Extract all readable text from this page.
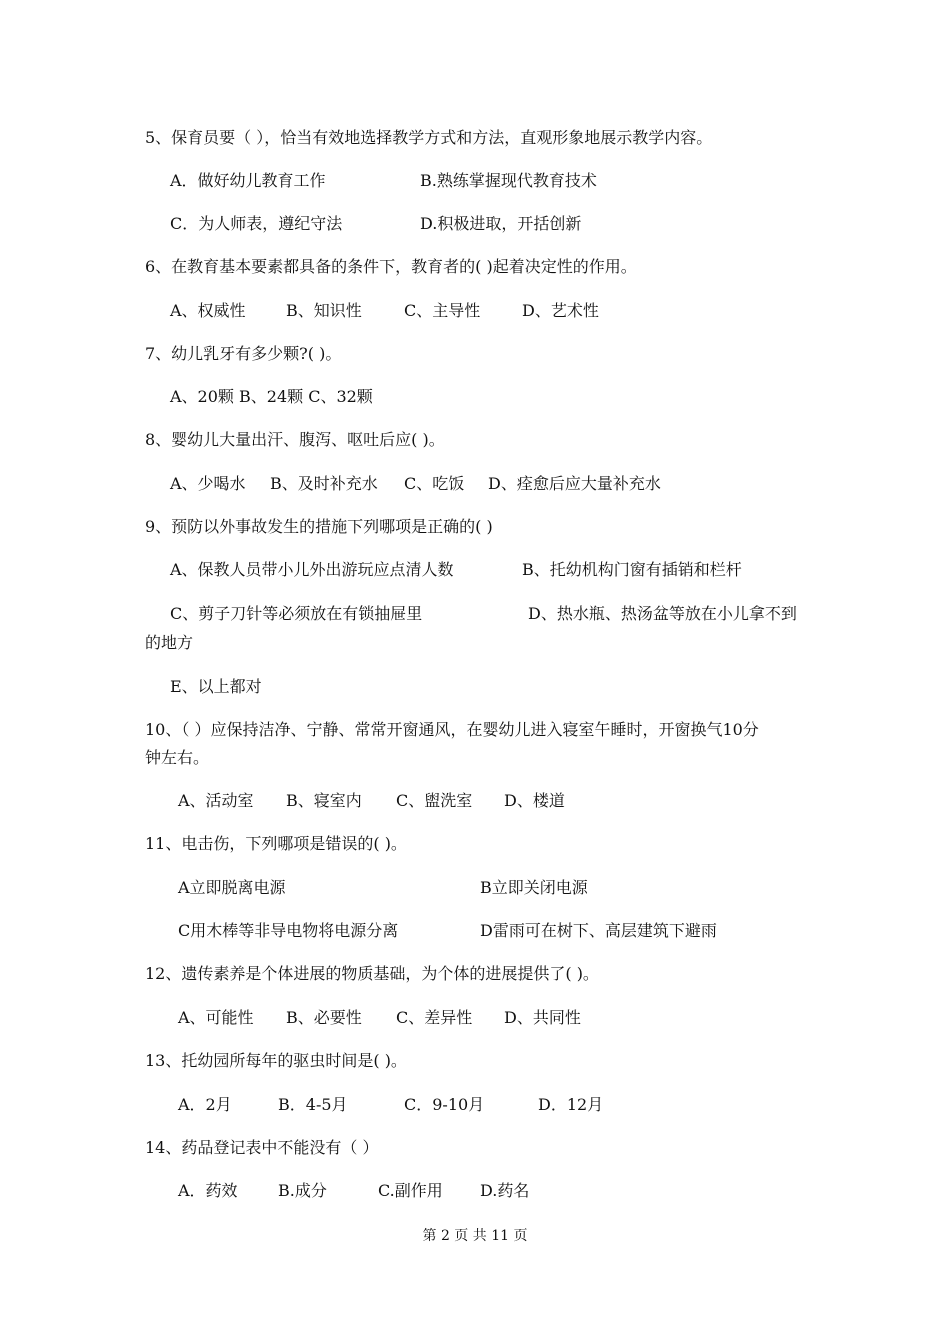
5、保育员要（ ），恰当有效地选择教学方式和方法，直观形象地展示教学内容。
A．做好幼儿教育工作	B.熟练掌握现代教育技术
C．为人师表，遵纪守法	D.积极进取，开括创新
6、在教育基本要素都具备的条件下，教育者的( )起着决定性的作用。
A、权威性	B、知识性	C、主导性	D、艺术性
7、幼儿乳牙有多少颗?( )。
A、20颗 B、24颗 C、32颗
8、婴幼儿大量出汗、腹泻、呕吐后应( )。
A、少喝水 B、及时补充水 C、吃饭 D、痊愈后应大量补充水
9、预防以外事故发生的措施下列哪项是正确的( )
A、保教人员带小儿外出游玩应点清人数	B、托幼机构门窗有插销和栏杆
C、剪子刀针等必须放在有锁抽屉里	D、热水瓶、热汤盆等放在小儿拿不到
的地方
E、以上都对
10、（ ）应保持洁净、宁静、常常开窗通风，在婴幼儿进入寝室午睡时，开窗换气10分
钟左右。
A、活动室 B、寝室内 C、盥洗室 D、楼道
11、电击伤，下列哪项是错误的( )。
A立即脱离电源	B立即关闭电源
C用木棒等非导电物将电源分离	D雷雨可在树下、高层建筑下避雨
12、遗传素养是个体进展的物质基础，为个体的进展提供了( )。
A、可能性 B、必要性 C、差异性 D、共同性
13、托幼园所每年的驱虫时间是( )。
A．2月	B．4-5月	C．9-10月	D．12月
14、药品登记表中不能没有（ ）
A．药效	B.成分	C.副作用 D.药名
第 2 页 共 11 页
